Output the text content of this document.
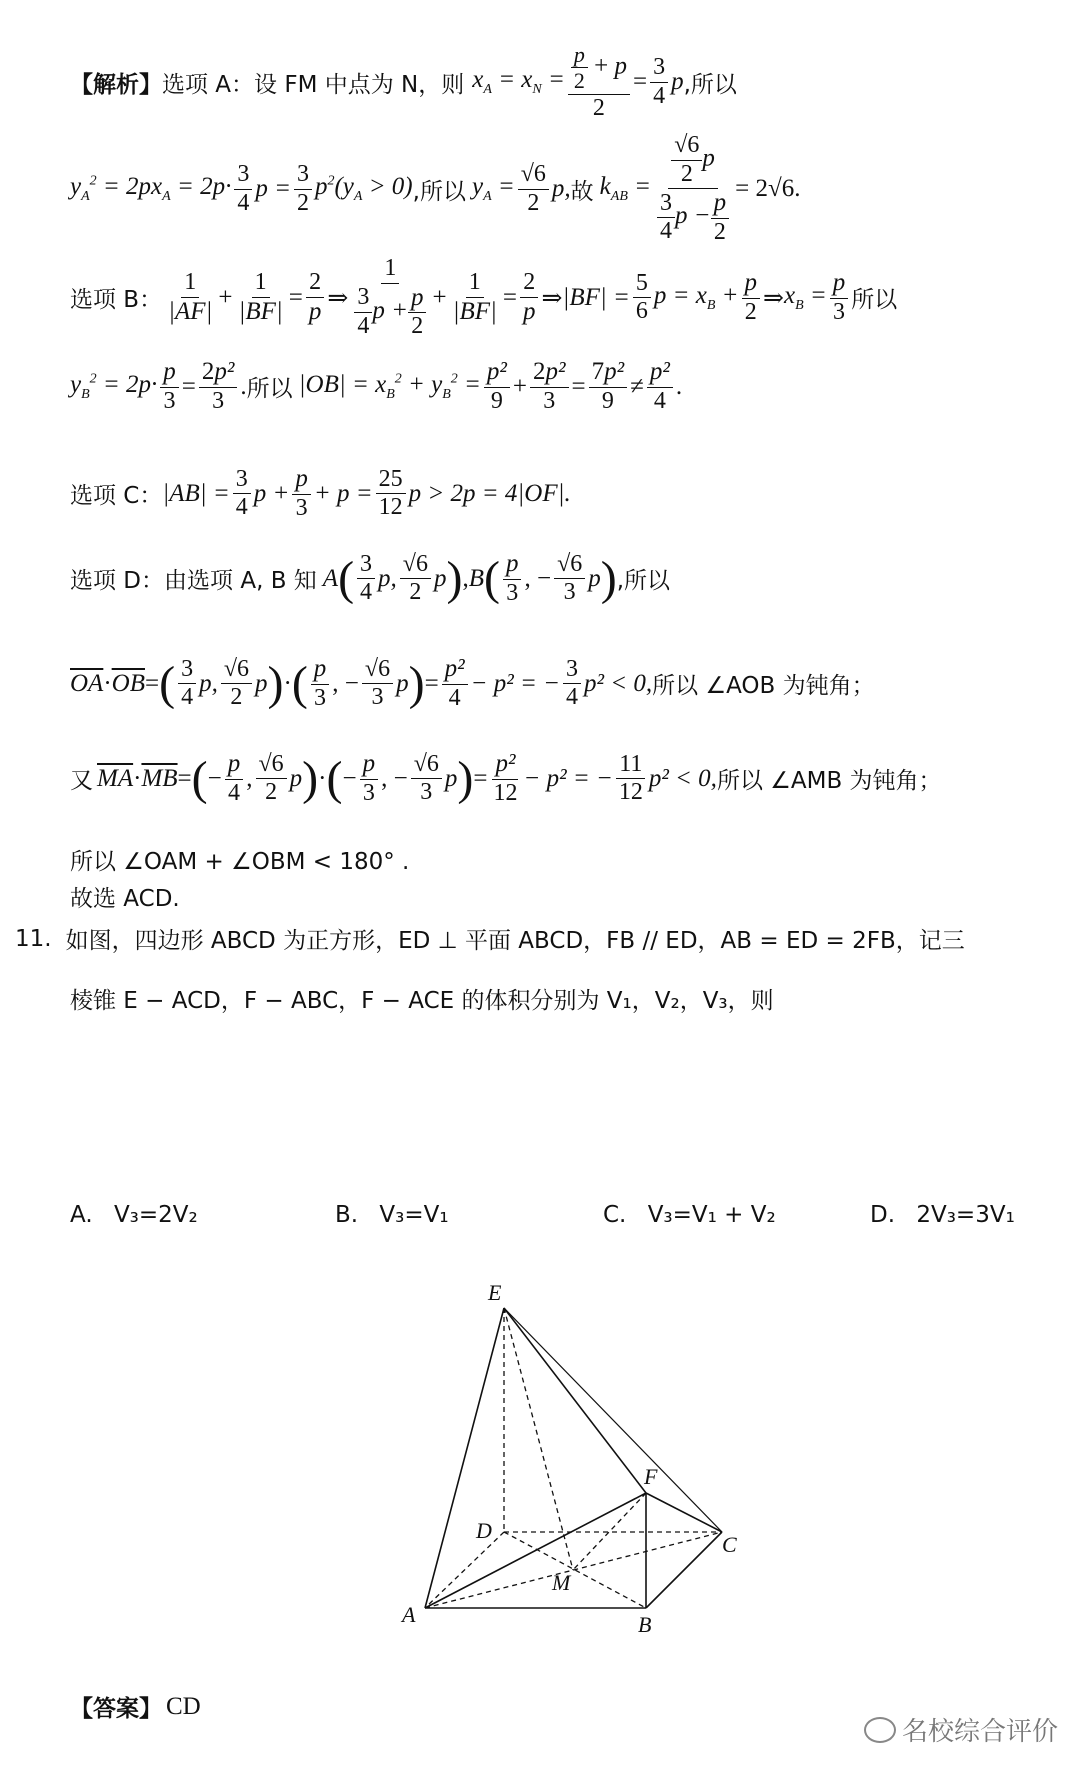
【解析】 选项 A：设 FM 中点为 N，则 $x_A = x_N = \frac{\frac{p}{2} + p}{2} = \frac{3}{4}$ p ,所以
$y_A^2 = 2px_A = 2p\cdot \frac{3}{4}$ $p = \frac{3}{2} p^2(y_A > 0)$ ,所以 $y_A = \frac{√6}{2} p$, 故 $k_{AB} = \frac{\frac{√6}{2} p}{\frac{3}{4} p - \frac{p}{2}} = 2√6$.
选项 B： $\frac{1}{|AF|} + \frac{1}{|BF|} = \frac{2}{p}$ ⇒ $\frac{1}{\frac{3}{4} p + \frac{p}{2}} + \frac{1}{|BF|} = \frac{2}{p}$ ⇒ $|BF| = \frac{5}{6}$ $p = x_B + \frac{p}{2}$ ⇒ $x_B = \frac{p}{3}$ 所以
$y_B^2 = 2p\cdot \frac{p}{3} = \frac{\text{2p²}}{3}$ . 所以 $|OB| = x_B^2 + y_B^2 = \frac{\text{p²}}{9} + \frac{\text{2p²}}{3} = \frac{\text{7p²}}{9} \ne \frac{\text{p²}}{4}$ .
选项 C： $|AB| = \frac{3}{4}$ $p + \frac{p}{3} + p = \frac{25}{12}$ p > 2p = 4|OF|.
选项 D：由选项 A, B 知 A ( $\frac{3}{4} p$, $\frac{√6}{2}$ p ) , B ( $\frac{p}{3}$ , − $\frac{√6}{3}$ p ) ,所以
$\overline{OA} \cdot \overline{OB}$ = ( $\frac{3}{4} p$, $\frac{√6}{2}$ p ) · ( $\frac{p}{3}$ , − $\frac{√6}{3}$ p ) = $\frac{\text{p²}}{4} - p^2$ = − $\frac{3}{4} p^2 < 0$, 所以 ∠AOB 为钝角；
又 $\overline{MA} \cdot \overline{MB}$ = ( − $\frac{p}{4}$ , $\frac{√6}{2}$ p ) · ( − $\frac{p}{3}$ , − $\frac{√6}{3}$ p ) = $\frac{\text{p²}}{12} - p^2$ = − $\frac{11}{12} p^2 < 0$, 所以 ∠AMB 为钝角；
所以 ∠OAM + ∠OBM < 180° .
故选 ACD.
11. 如图，四边形 ABCD 为正方形，ED ⊥ 平面 ABCD，FB // ED，AB = ED = 2FB，记三
棱锥 E − ACD，F − ABC，F − ACE 的体积分别为 V₁，V₂，V₃，则
A. V₃=2V₂	B. V₃=V₁	C. V₃=V₁ + V₂	D. 2V₃=3V₁
E
F
D
C
M
A	B
【答案】 CD
名校综合评价
